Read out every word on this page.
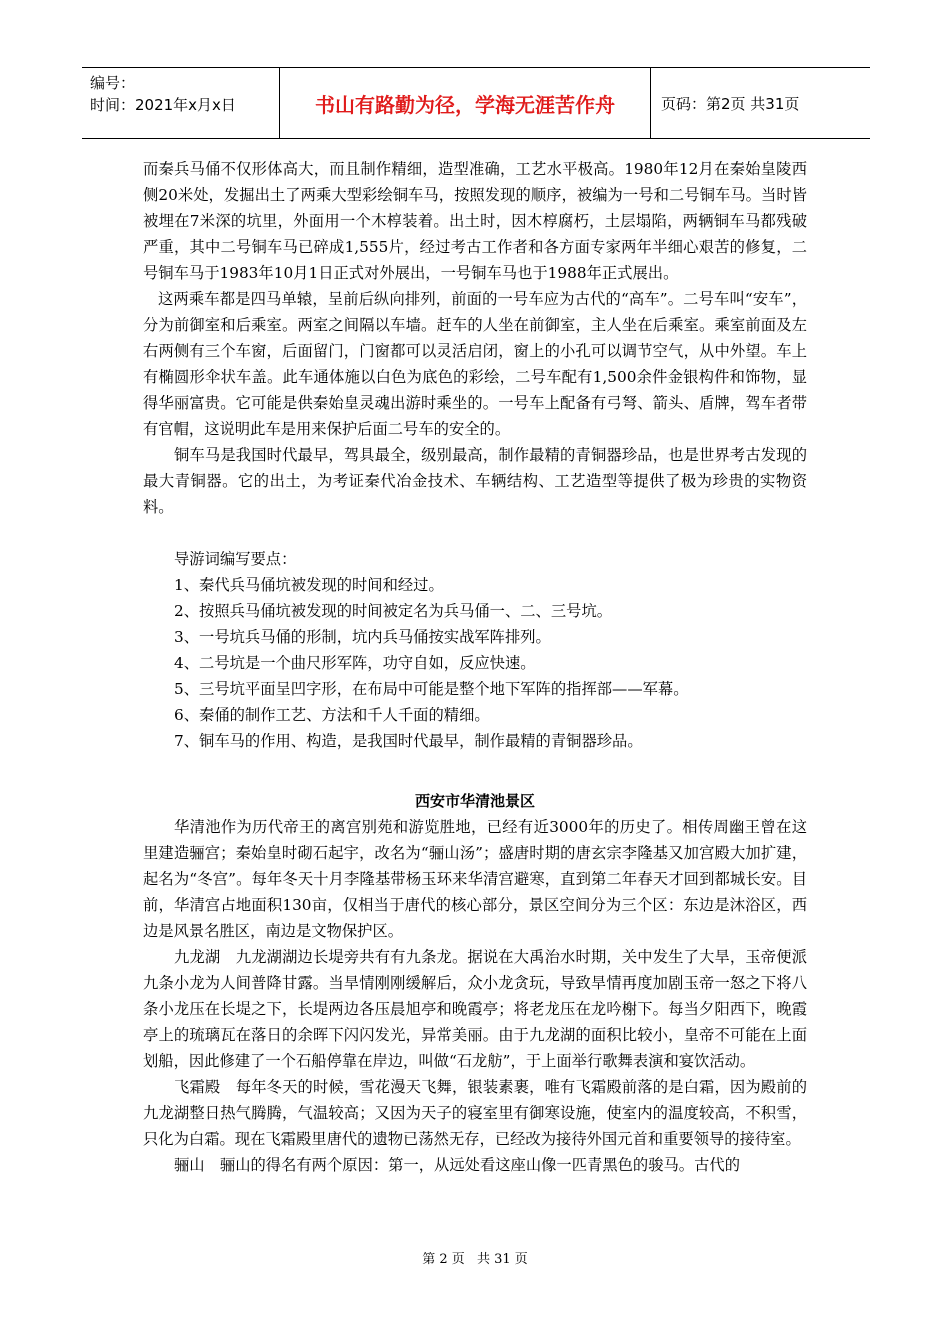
编号：
时间：2021年x月x日	书山有路勤为径，学海无涯苦作舟	页码：第2页 共31页

而秦兵马俑不仅形体高大，而且制作精细，造型准确，工艺水平极高。1980年12月在秦始皇陵西侧20米处，发掘出土了两乘大型彩绘铜车马，按照发现的顺序，被编为一号和二号铜车马。当时皆被埋在7米深的坑里，外面用一个木椁装着。出土时，因木椁腐朽，土层塌陷，两辆铜车马都残破严重，其中二号铜车马已碎成1,555片，经过考古工作者和各方面专家两年半细心艰苦的修复，二号铜车马于1983年10月1日正式对外展出，一号铜车马也于1988年正式展出。

这两乘车都是四马单辕，呈前后纵向排列，前面的一号车应为古代的“高车”。二号车叫“安车”，分为前御室和后乘室。两室之间隔以车墙。赶车的人坐在前御室，主人坐在后乘室。乘室前面及左右两侧有三个车窗，后面留门，门窗都可以灵活启闭，窗上的小孔可以调节空气，从中外望。车上有椭圆形伞状车盖。此车通体施以白色为底色的彩绘，二号车配有1,500余件金银构件和饰物，显得华丽富贵。它可能是供秦始皇灵魂出游时乘坐的。一号车上配备有弓弩、箭头、盾牌，驾车者带有官帽，这说明此车是用来保护后面二号车的安全的。

铜车马是我国时代最早，驾具最全，级别最高，制作最精的青铜器珍品，也是世界考古发现的最大青铜器。它的出土，为考证秦代冶金技术、车辆结构、工艺造型等提供了极为珍贵的实物资料。

导游词编写要点：

1、秦代兵马俑坑被发现的时间和经过。

2、按照兵马俑坑被发现的时间被定名为兵马俑一、二、三号坑。

3、一号坑兵马俑的形制，坑内兵马俑按实战军阵排列。

4、二号坑是一个曲尺形军阵，功守自如，反应快速。

5、三号坑平面呈凹字形，在布局中可能是整个地下军阵的指挥部——军幕。

6、秦俑的制作工艺、方法和千人千面的精细。

7、铜车马的作用、构造，是我国时代最早，制作最精的青铜器珍品。

西安市华清池景区

华清池作为历代帝王的离宫别苑和游览胜地，已经有近3000年的历史了。相传周幽王曾在这里建造骊宫；秦始皇时砌石起宇，改名为“骊山汤”；盛唐时期的唐玄宗李隆基又加宫殿大加扩建，起名为“冬宫”。每年冬天十月李隆基带杨玉环来华清宫避寒，直到第二年春天才回到都城长安。目前，华清宫占地面积130亩，仅相当于唐代的核心部分，景区空间分为三个区：东边是沐浴区，西边是风景名胜区，南边是文物保护区。

九龙湖　九龙湖湖边长堤旁共有有九条龙。据说在大禹治水时期，关中发生了大旱，玉帝便派九条小龙为人间普降甘露。当旱情刚刚缓解后，众小龙贪玩，导致旱情再度加剧玉帝一怒之下将八条小龙压在长堤之下，长堤两边各压晨旭亭和晚霞亭；将老龙压在龙吟榭下。每当夕阳西下，晚霞亭上的琉璃瓦在落日的余晖下闪闪发光，异常美丽。由于九龙湖的面积比较小，皇帝不可能在上面划船，因此修建了一个石船停靠在岸边，叫做“石龙舫”，于上面举行歌舞表演和宴饮活动。

飞霜殿　每年冬天的时候，雪花漫天飞舞，银装素裹，唯有飞霜殿前落的是白霜，因为殿前的九龙湖整日热气腾腾，气温较高；又因为天子的寝室里有御寒设施，使室内的温度较高，不积雪，只化为白霜。现在飞霜殿里唐代的遗物已荡然无存，已经改为接待外国元首和重要领导的接待室。

骊山　骊山的得名有两个原因：第一，从远处看这座山像一匹青黑色的骏马。古代的

第 2 页 共 31 页
